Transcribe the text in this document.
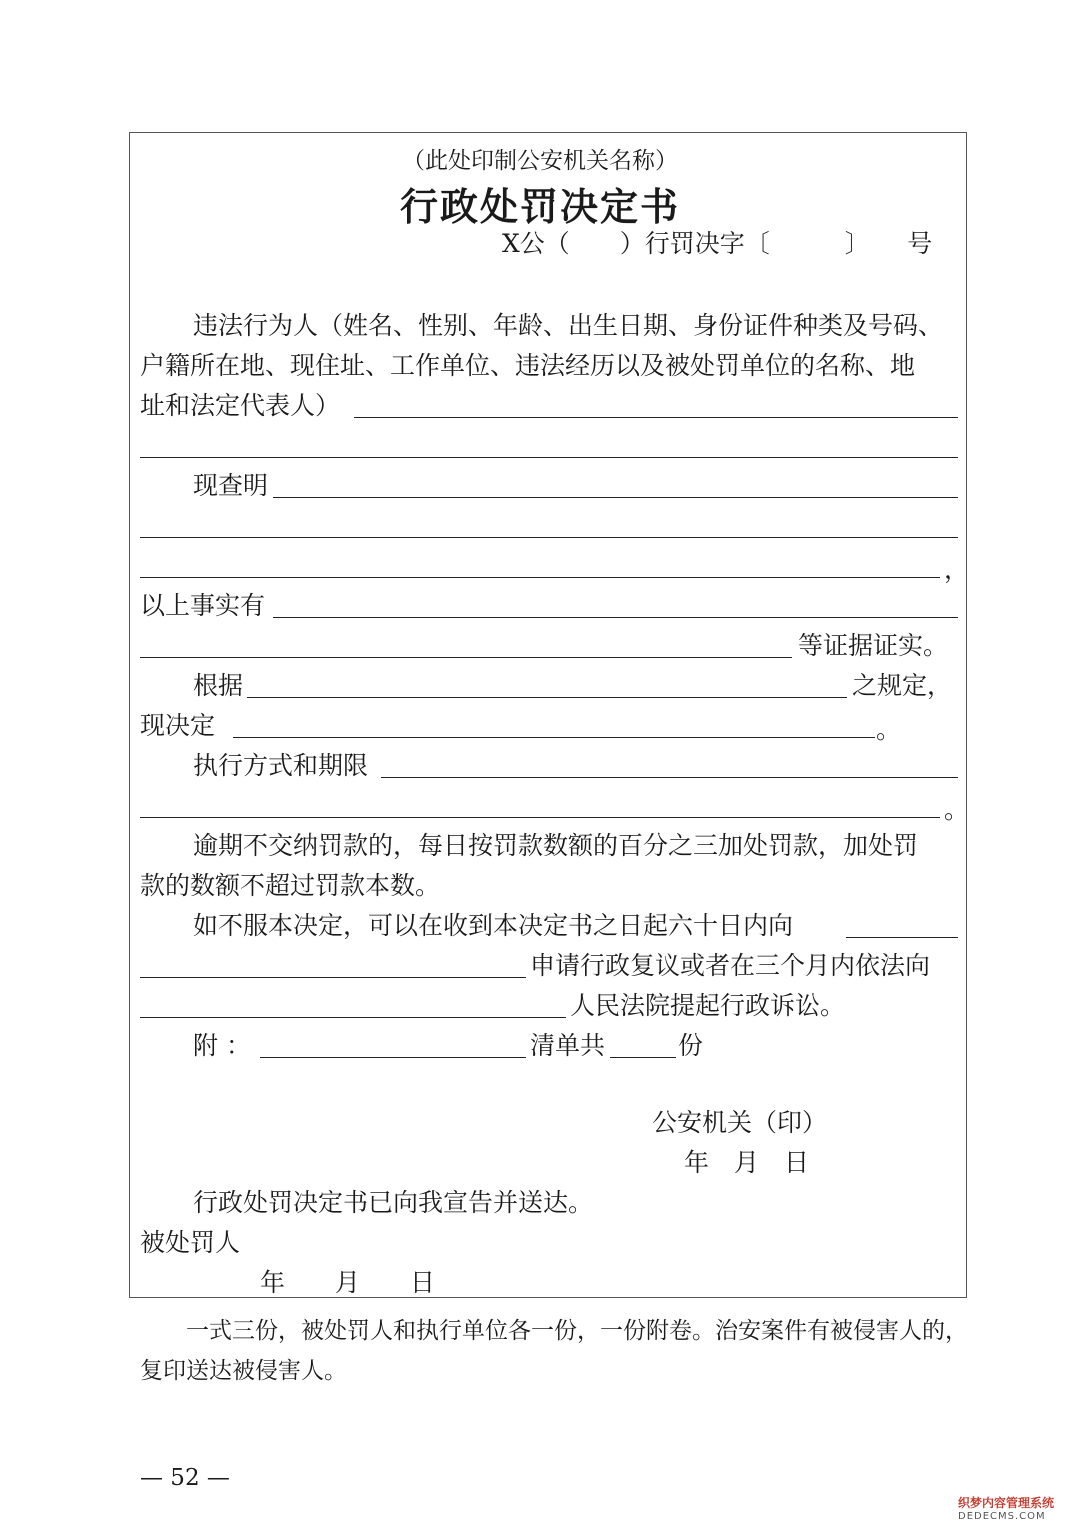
（此处印制公安机关名称）
行政处罚决定书
X公（　　）行罚决字〔　　　〕　　号
违法行为人（姓名、性别、年龄、出生日期、身份证件种类及号码、
户籍所在地、现住址、工作单位、违法经历以及被处罚单位的名称、地
址和法定代表人）
现查明
，
以上事实有
等证据证实。
根据	之规定，
现决定	。
执行方式和期限
。
逾期不交纳罚款的，每日按罚款数额的百分之三加处罚款，加处罚
款的数额不超过罚款本数。
如不服本决定，可以在收到本决定书之日起六十日内向
申请行政复议或者在三个月内依法向
人民法院提起行政诉讼。
附：	清单共	份
公安机关（印）
年　月　日
行政处罚决定书已向我宣告并送达。
被处罚人
年　　月　　日
一式三份，被处罚人和执行单位各一份，一份附卷。治安案件有被侵害人的，
复印送达被侵害人。
— 52 —
织梦内容管理系统
DEDECMS.COM
